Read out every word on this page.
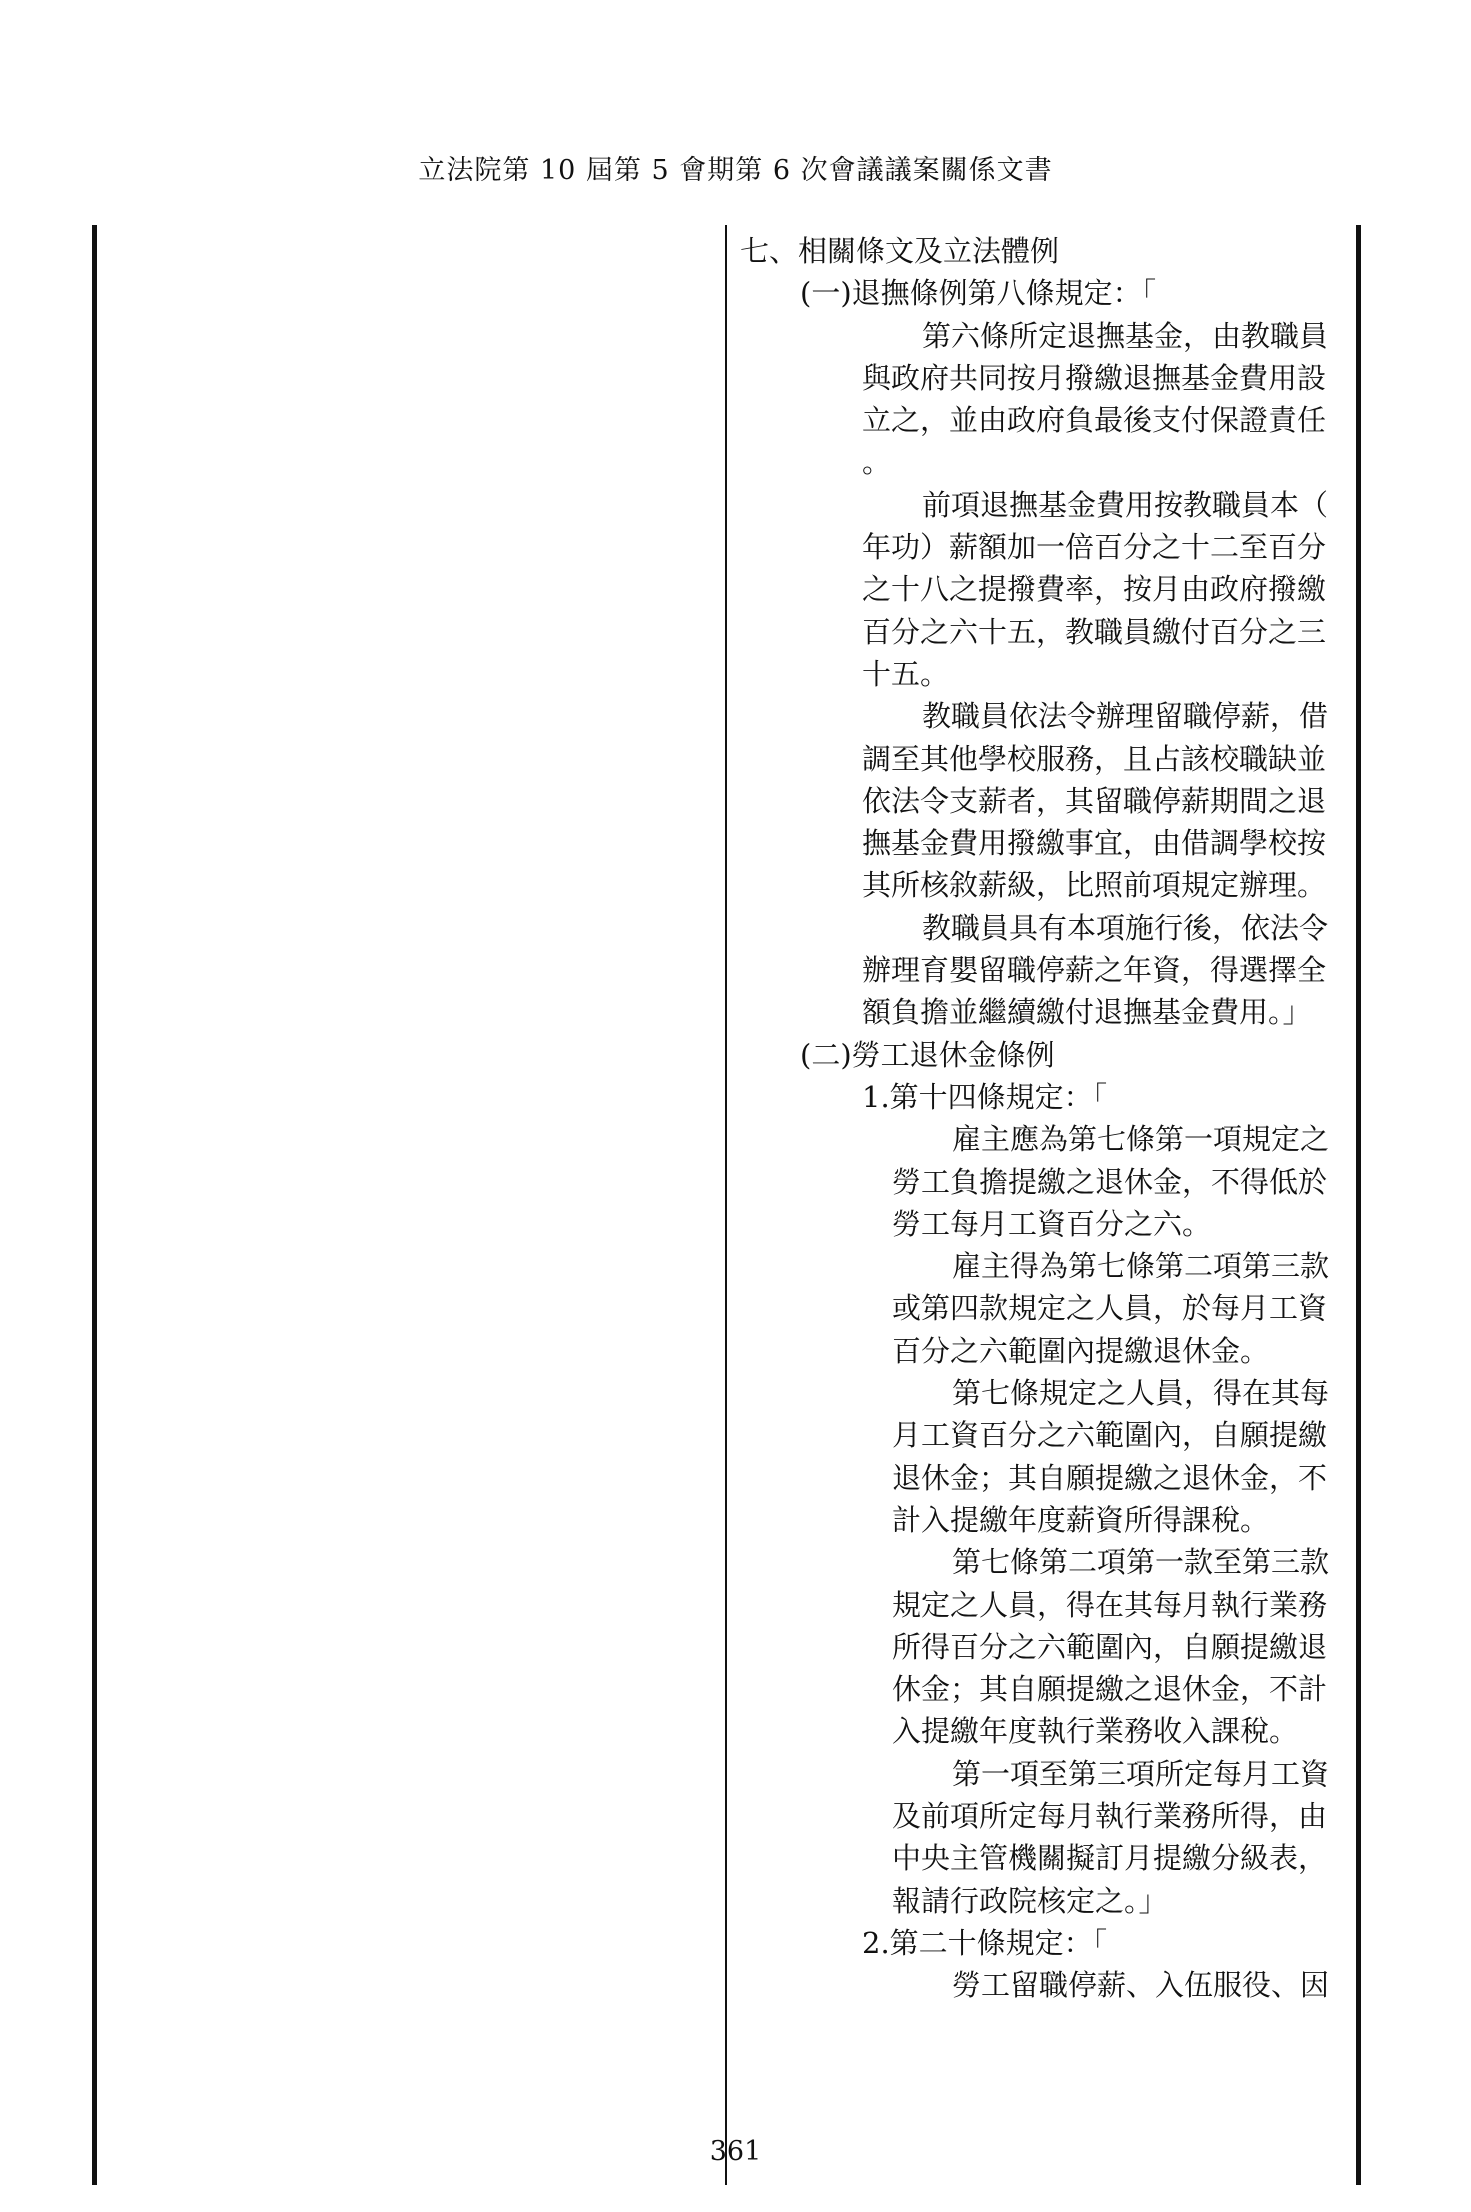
立法院第 10 屆第 5 會期第 6 次會議議案關係文書
七、相關條文及立法體例
(一)退撫條例第八條規定：「
第六條所定退撫基金，由教職員
與政府共同按月撥繳退撫基金費用設
立之，並由政府負最後支付保證責任
。
前項退撫基金費用按教職員本（
年功）薪額加一倍百分之十二至百分
之十八之提撥費率，按月由政府撥繳
百分之六十五，教職員繳付百分之三
十五。
教職員依法令辦理留職停薪，借
調至其他學校服務，且占該校職缺並
依法令支薪者，其留職停薪期間之退
撫基金費用撥繳事宜，由借調學校按
其所核敘薪級，比照前項規定辦理。
教職員具有本項施行後，依法令
辦理育嬰留職停薪之年資，得選擇全
額負擔並繼續繳付退撫基金費用。」
(二)勞工退休金條例
1.第十四條規定：「
雇主應為第七條第一項規定之
勞工負擔提繳之退休金，不得低於
勞工每月工資百分之六。
雇主得為第七條第二項第三款
或第四款規定之人員，於每月工資
百分之六範圍內提繳退休金。
第七條規定之人員，得在其每
月工資百分之六範圍內，自願提繳
退休金；其自願提繳之退休金，不
計入提繳年度薪資所得課稅。
第七條第二項第一款至第三款
規定之人員，得在其每月執行業務
所得百分之六範圍內，自願提繳退
休金；其自願提繳之退休金，不計
入提繳年度執行業務收入課稅。
第一項至第三項所定每月工資
及前項所定每月執行業務所得，由
中央主管機關擬訂月提繳分級表，
報請行政院核定之。」
2.第二十條規定：「
勞工留職停薪、入伍服役、因
361
